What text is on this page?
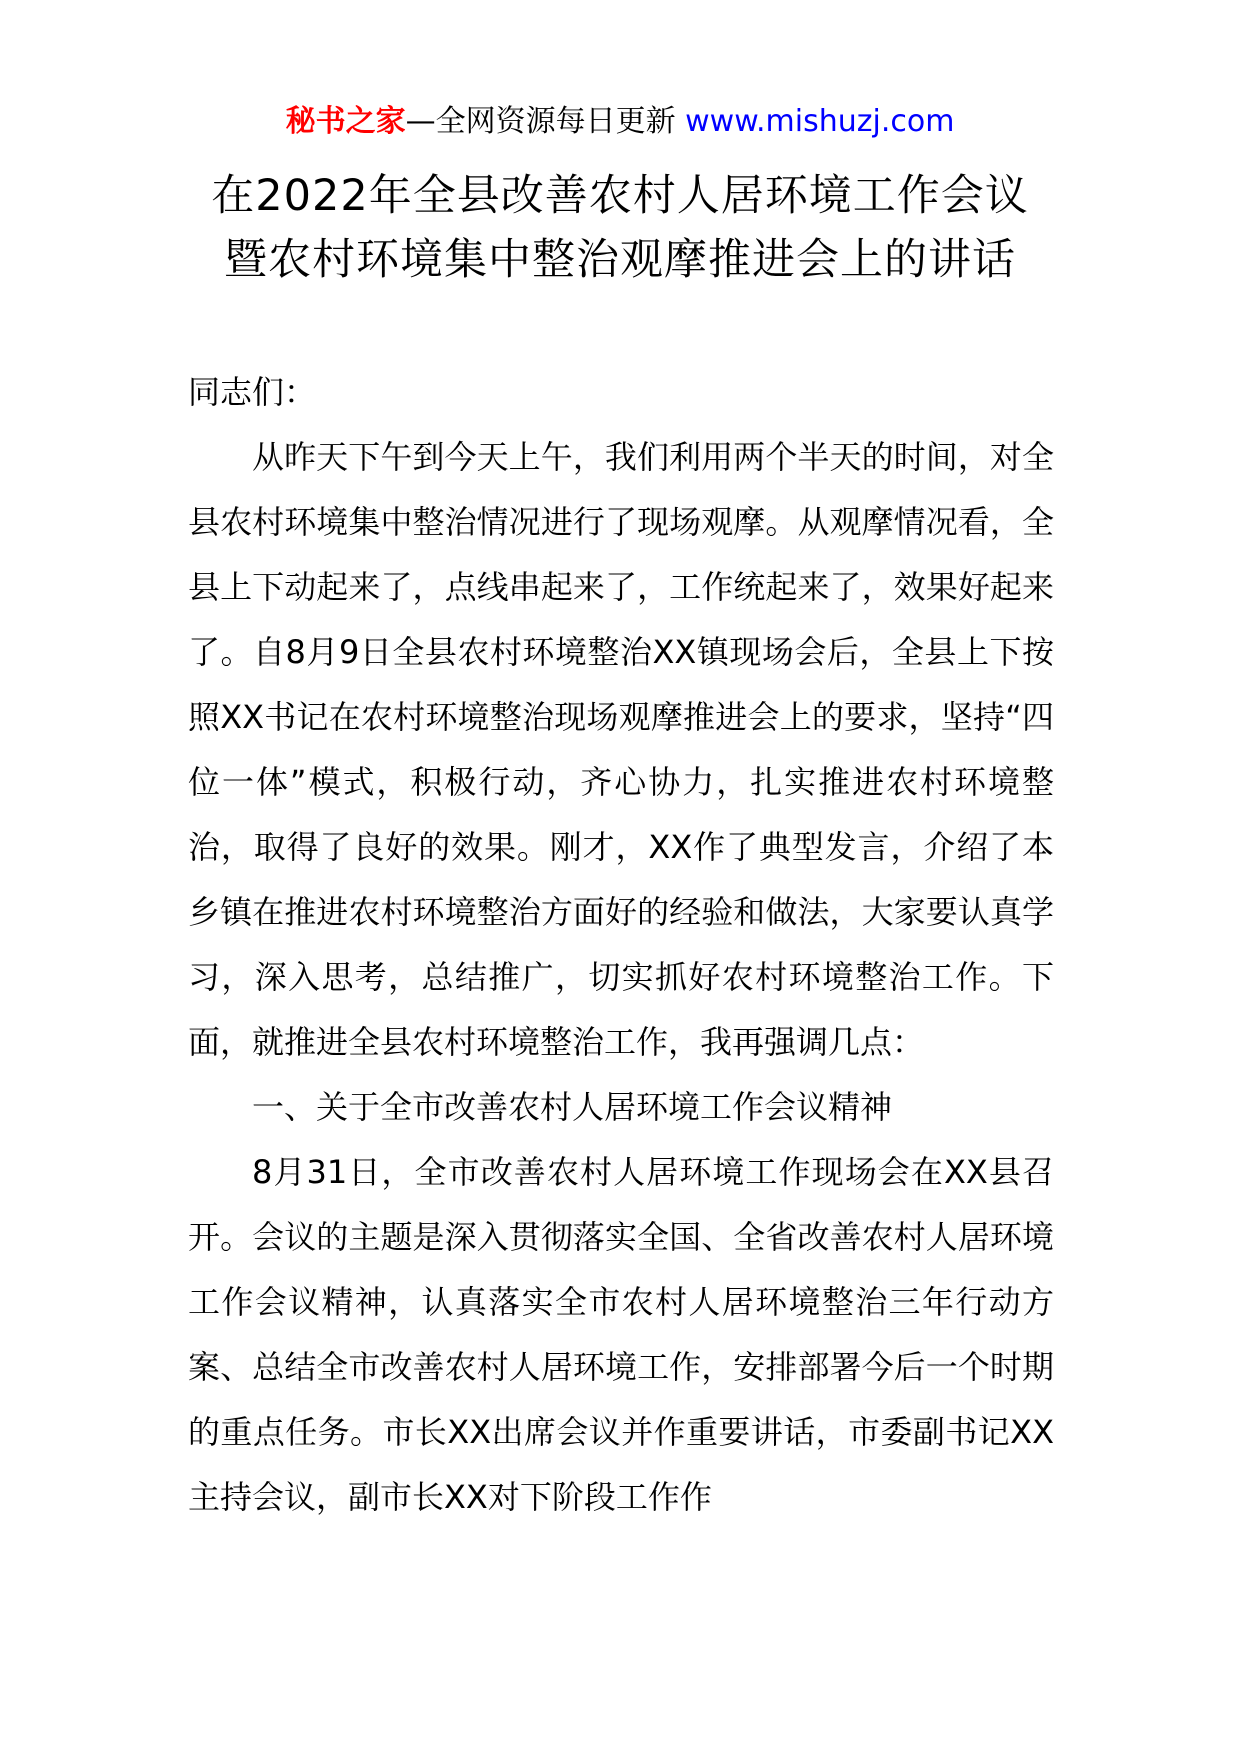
秘书之家—全网资源每日更新 www.mishuzj.com
在2022年全县改善农村人居环境工作会议
暨农村环境集中整治观摩推进会上的讲话

同志们：

从昨天下午到今天上午，我们利用两个半天的时间，对全县农村环境集中整治情况进行了现场观摩。从观摩情况看，全县上下动起来了，点线串起来了，工作统起来了，效果好起来了。自8月9日全县农村环境整治XX镇现场会后，全县上下按照XX书记在农村环境整治现场观摩推进会上的要求，坚持“四位一体”模式，积极行动，齐心协力，扎实推进农村环境整治，取得了良好的效果。刚才，XX作了典型发言，介绍了本乡镇在推进农村环境整治方面好的经验和做法，大家要认真学习，深入思考，总结推广，切实抓好农村环境整治工作。下面，就推进全县农村环境整治工作，我再强调几点：

一、关于全市改善农村人居环境工作会议精神

8月31日，全市改善农村人居环境工作现场会在XX县召开。会议的主题是深入贯彻落实全国、全省改善农村人居环境工作会议精神，认真落实全市农村人居环境整治三年行动方案、总结全市改善农村人居环境工作，安排部署今后一个时期的重点任务。市长XX出席会议并作重要讲话，市委副书记XX主持会议，副市长XX对下阶段工作作
